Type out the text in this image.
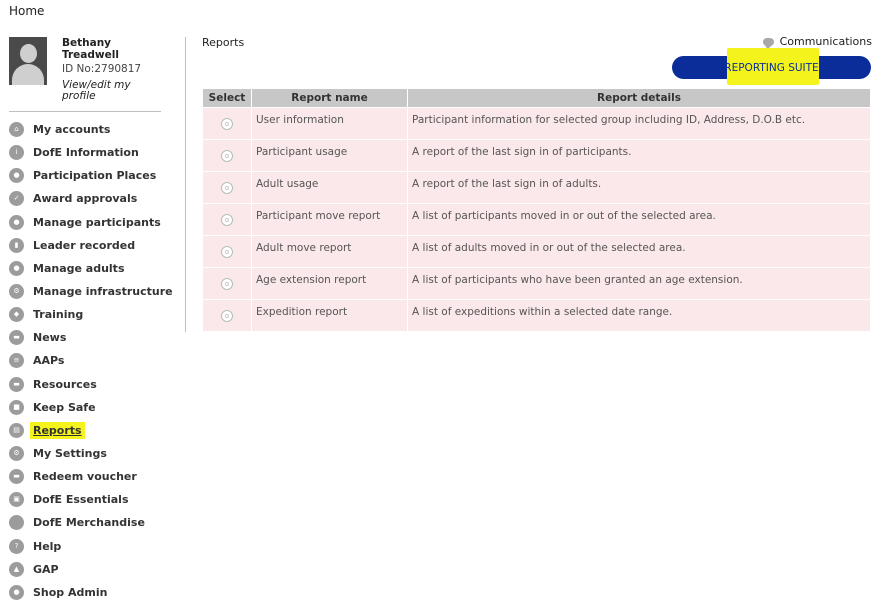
Home
Bethany Treadwell
ID No:2790817
View/edit my profile
⌂	My accounts
i	DofE Information
●	Participation Places
✓	Award approvals
●	Manage participants
▮	Leader recorded
●	Manage adults
⚙	Manage infrastructure
◆	Training
▬	News
≡	AAPs
▬	Resources
■	Keep Safe
▤	Reports
⚙	My Settings
▬	Redeem voucher
▣	DofE Essentials
DofE Merchandise
?	Help
▲	GAP
●	Shop Admin
Reports	Communications
REPORTING SUITE
Select	Report name	Report details
	User information	Participant information for selected group including ID, Address, D.O.B etc.
	Participant usage	A report of the last sign in of participants.
	Adult usage	A report of the last sign in of adults.
	Participant move report	A list of participants moved in or out of the selected area.
	Adult move report	A list of adults moved in or out of the selected area.
	Age extension report	A list of participants who have been granted an age extension.
	Expedition report	A list of expeditions within a selected date range.
